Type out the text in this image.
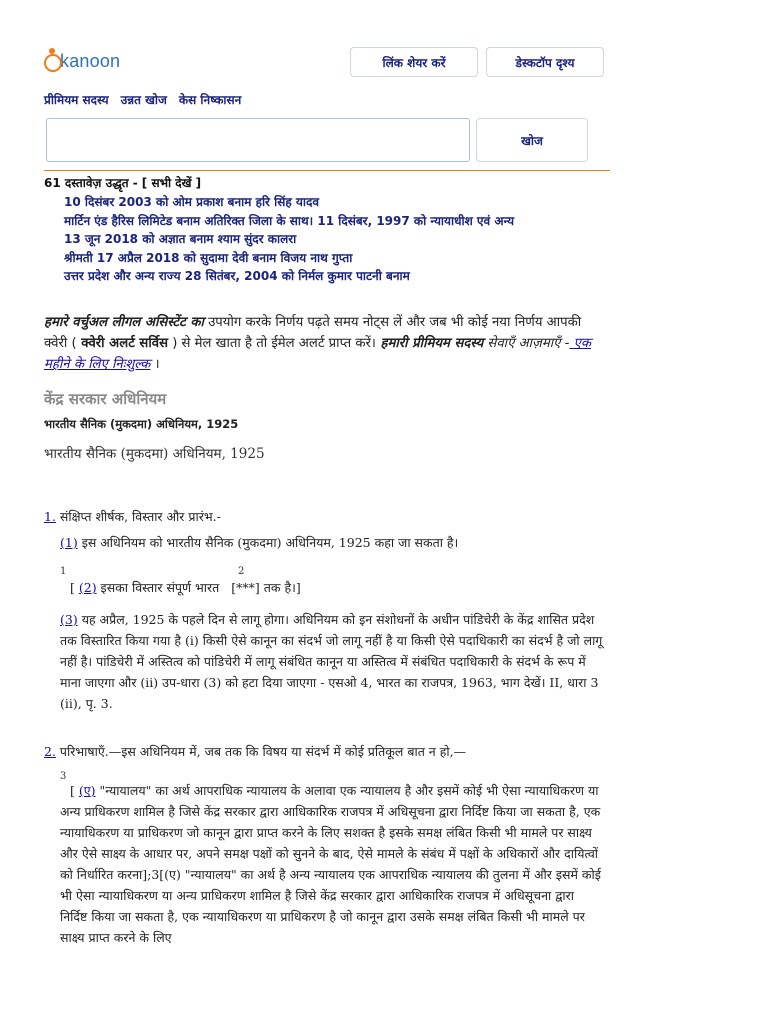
kanoon	लिंक शेयर करें	डेस्कटॉप दृश्य
प्रीमियम सदस्य उन्नत खोज केस निष्कासन
खोज
61 दस्तावेज़ उद्धृत - [ सभी देखें ]
10 दिसंबर 2003 को ओम प्रकाश बनाम हरि सिंह यादव
मार्टिन एंड हैरिस लिमिटेड बनाम अतिरिक्त जिला के साथ। 11 दिसंबर, 1997 को न्यायाधीश एवं अन्य
13 जून 2018 को अज्ञात बनाम श्याम सुंदर कालरा
श्रीमती 17 अप्रैल 2018 को सुदामा देवी बनाम विजय नाथ गुप्ता
उत्तर प्रदेश और अन्य राज्य 28 सितंबर, 2004 को निर्मल कुमार पाटनी बनाम
हमारे वर्चुअल लीगल असिस्टेंट का उपयोग करके निर्णय पढ़ते समय नोट्स लें और जब भी कोई नया निर्णय आपकी क्वेरी ( क्वेरी अलर्ट सर्विस ) से मेल खाता है तो ईमेल अलर्ट प्राप्त करें। हमारी प्रीमियम सदस्य सेवाएँ आज़माएँ - एक महीने के लिए निःशुल्क ।
केंद्र सरकार अधिनियम
भारतीय सैनिक (मुकदमा) अधिनियम, 1925
भारतीय सैनिक (मुकदमा) अधिनियम, 1925
1. संक्षिप्त शीर्षक, विस्तार और प्रारंभ.-
(1) इस अधिनियम को भारतीय सैनिक (मुकदमा) अधिनियम, 1925 कहा जा सकता है।
1	2
[ (2) इसका विस्तार संपूर्ण भारत [***] तक है।]
(3) यह अप्रैल, 1925 के पहले दिन से लागू होगा। अधिनियम को इन संशोधनों के अधीन पांडिचेरी के केंद्र शासित प्रदेश तक विस्तारित किया गया है (i) किसी ऐसे कानून का संदर्भ जो लागू नहीं है या किसी ऐसे पदाधिकारी का संदर्भ है जो लागू नहीं है। पांडिचेरी में अस्तित्व को पांडिचेरी में लागू संबंधित कानून या अस्तित्व में संबंधित पदाधिकारी के संदर्भ के रूप में माना जाएगा और (ii) उप-धारा (3) को हटा दिया जाएगा - एसओ 4, भारत का राजपत्र, 1963, भाग देखें। II, धारा 3 (ii), पृ. 3.
2. परिभाषाएँ.—इस अधिनियम में, जब तक कि विषय या संदर्भ में कोई प्रतिकूल बात न हो,—
3
[ (ए) "न्यायालय" का अर्थ आपराधिक न्यायालय के अलावा एक न्यायालय है और इसमें कोई भी ऐसा न्यायाधिकरण या अन्य प्राधिकरण शामिल है जिसे केंद्र सरकार द्वारा आधिकारिक राजपत्र में अधिसूचना द्वारा निर्दिष्ट किया जा सकता है, एक न्यायाधिकरण या प्राधिकरण जो कानून द्वारा प्राप्त करने के लिए सशक्त है इसके समक्ष लंबित किसी भी मामले पर साक्ष्य और ऐसे साक्ष्य के आधार पर, अपने समक्ष पक्षों को सुनने के बाद, ऐसे मामले के संबंध में पक्षों के अधिकारों और दायित्वों को निर्धारित करना];3[(ए) "न्यायालय" का अर्थ है अन्य न्यायालय एक आपराधिक न्यायालय की तुलना में और इसमें कोई भी ऐसा न्यायाधिकरण या अन्य प्राधिकरण शामिल है जिसे केंद्र सरकार द्वारा आधिकारिक राजपत्र में अधिसूचना द्वारा निर्दिष्ट किया जा सकता है, एक न्यायाधिकरण या प्राधिकरण है जो कानून द्वारा उसके समक्ष लंबित किसी भी मामले पर साक्ष्य प्राप्त करने के लिए
